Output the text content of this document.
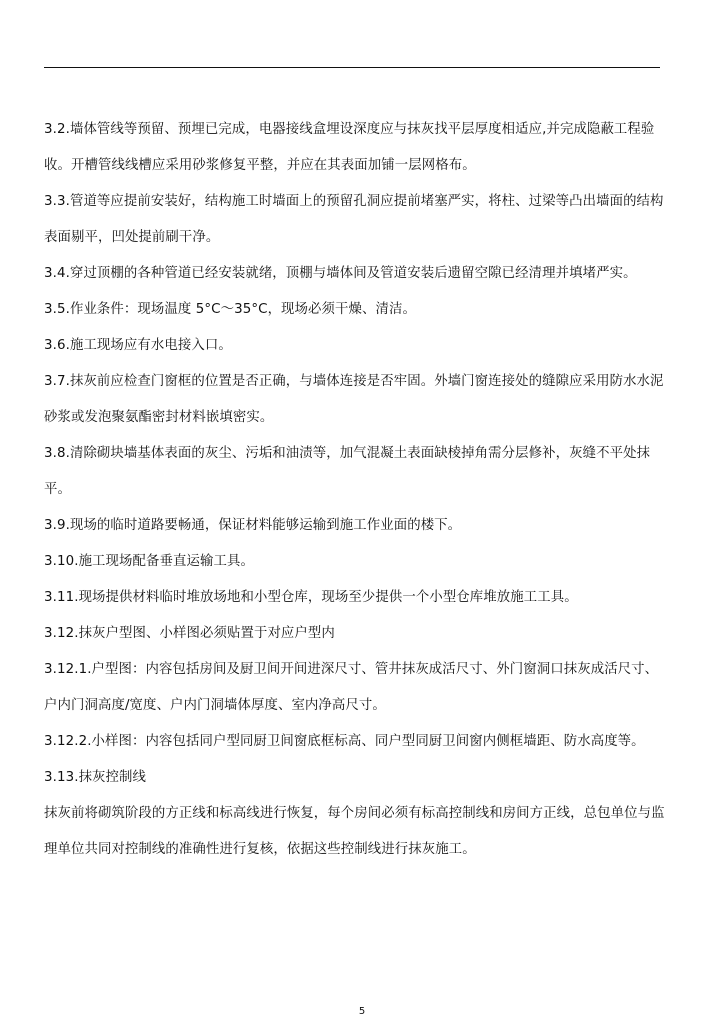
3.2.墙体管线等预留、预埋已完成，电器接线盒埋设深度应与抹灰找平层厚度相适应,并完成隐蔽工程验收。开槽管线线槽应采用砂浆修复平整，并应在其表面加铺一层网格布。

3.3.管道等应提前安装好，结构施工时墙面上的预留孔洞应提前堵塞严实，将柱、过梁等凸出墙面的结构表面剔平，凹处提前刷干净。

3.4.穿过顶棚的各种管道已经安装就绪，顶棚与墙体间及管道安装后遗留空隙已经清理并填堵严实。

3.5.作业条件：现场温度 5°C～35°C，现场必须干燥、清洁。

3.6.施工现场应有水电接入口。

3.7.抹灰前应检查门窗框的位置是否正确，与墙体连接是否牢固。外墙门窗连接处的缝隙应采用防水水泥砂浆或发泡聚氨酯密封材料嵌填密实。

3.8.清除砌块墙基体表面的灰尘、污垢和油渍等，加气混凝土表面缺棱掉角需分层修补，灰缝不平处抹平。

3.9.现场的临时道路要畅通，保证材料能够运输到施工作业面的楼下。

3.10.施工现场配备垂直运输工具。

3.11.现场提供材料临时堆放场地和小型仓库，现场至少提供一个小型仓库堆放施工工具。

3.12.抹灰户型图、小样图必须贴置于对应户型内

3.12.1.户型图：内容包括房间及厨卫间开间进深尺寸、管井抹灰成活尺寸、外门窗洞口抹灰成活尺寸、户内门洞高度/宽度、户内门洞墙体厚度、室内净高尺寸。

3.12.2.小样图：内容包括同户型同厨卫间窗底框标高、同户型同厨卫间窗内侧框墙距、防水高度等。

3.13.抹灰控制线

抹灰前将砌筑阶段的方正线和标高线进行恢复，每个房间必须有标高控制线和房间方正线，总包单位与监理单位共同对控制线的准确性进行复核，依据这些控制线进行抹灰施工。

5
